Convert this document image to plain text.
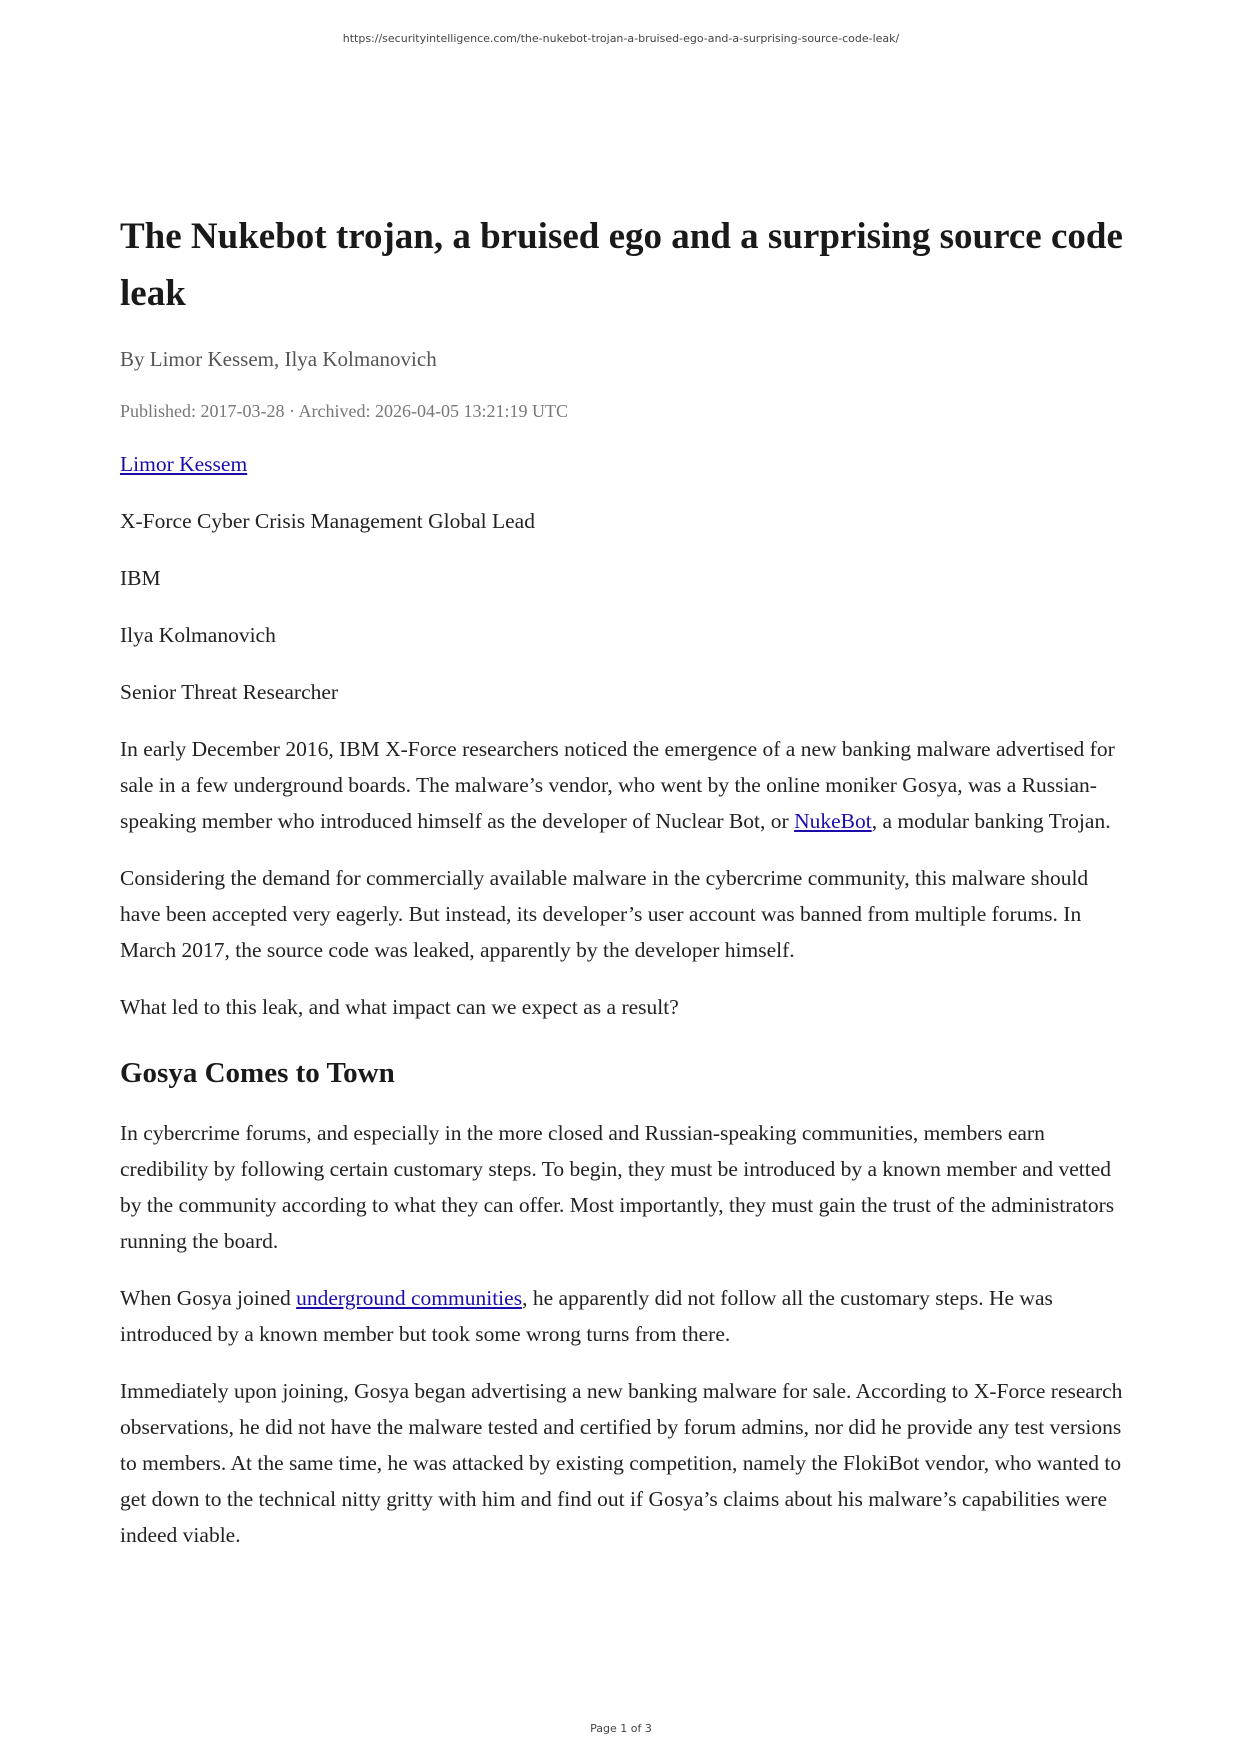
https://securityintelligence.com/the-nukebot-trojan-a-bruised-ego-and-a-surprising-source-code-leak/
The Nukebot trojan, a bruised ego and a surprising source code leak
By Limor Kessem, Ilya Kolmanovich
Published: 2017-03-28 · Archived: 2026-04-05 13:21:19 UTC

Limor Kessem

X-Force Cyber Crisis Management Global Lead

IBM

Ilya Kolmanovich

Senior Threat Researcher

In early December 2016, IBM X-Force researchers noticed the emergence of a new banking malware advertised for sale in a few underground boards. The malware’s vendor, who went by the online moniker Gosya, was a Russian-speaking member who introduced himself as the developer of Nuclear Bot, or NukeBot, a modular banking Trojan.

Considering the demand for commercially available malware in the cybercrime community, this malware should have been accepted very eagerly. But instead, its developer’s user account was banned from multiple forums. In March 2017, the source code was leaked, apparently by the developer himself.

What led to this leak, and what impact can we expect as a result?

Gosya Comes to Town

In cybercrime forums, and especially in the more closed and Russian-speaking communities, members earn credibility by following certain customary steps. To begin, they must be introduced by a known member and vetted by the community according to what they can offer. Most importantly, they must gain the trust of the administrators running the board.

When Gosya joined underground communities, he apparently did not follow all the customary steps. He was introduced by a known member but took some wrong turns from there.

Immediately upon joining, Gosya began advertising a new banking malware for sale. According to X-Force research observations, he did not have the malware tested and certified by forum admins, nor did he provide any test versions to members. At the same time, he was attacked by existing competition, namely the FlokiBot vendor, who wanted to get down to the technical nitty gritty with him and find out if Gosya’s claims about his malware’s capabilities were indeed viable.

Page 1 of 3
